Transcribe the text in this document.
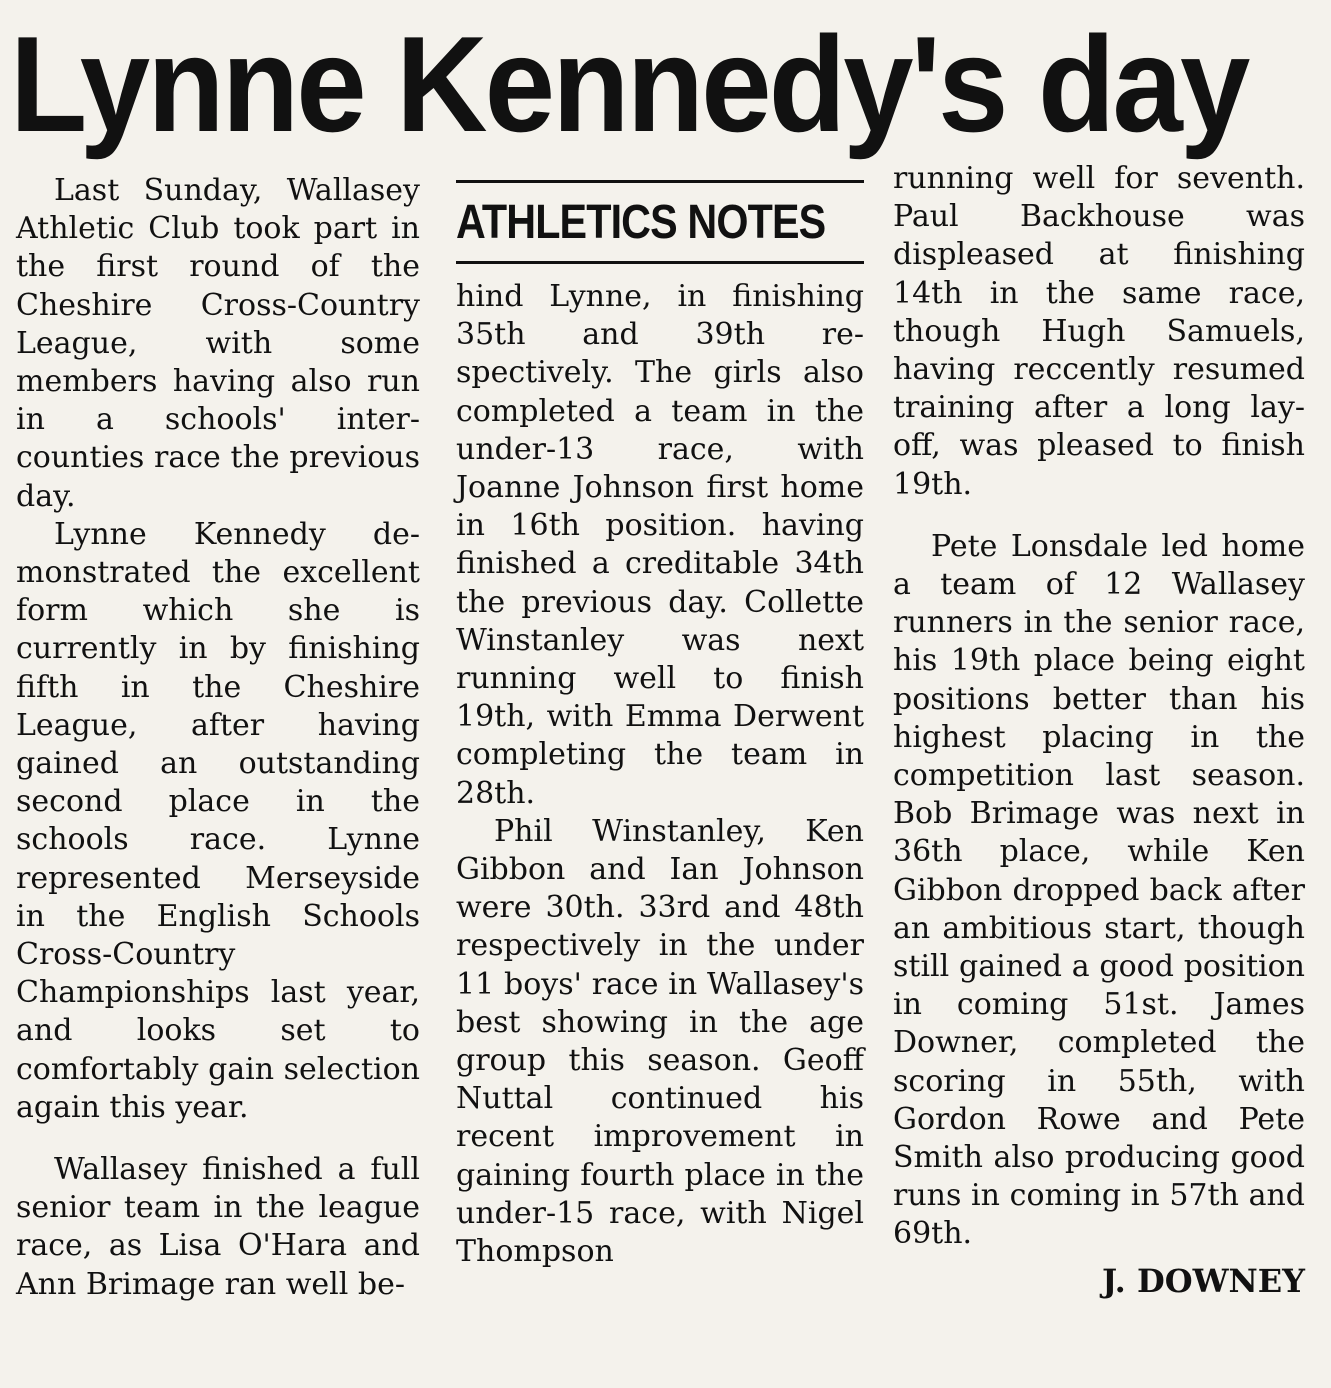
Lynne Kennedy's day

Last Sunday, Wallasey Athletic Club took part in the first round of the Cheshire Cross-Country League, with some members having also run in a schools' inter-counties race the previous day.

Lynne Kennedy demonstrated the excellent form which she is currently in by finishing fifth in the Cheshire League, after having gained an outstanding second place in the schools race. Lynne represented Merseyside in the English Schools Cross-Country Championships last year, and looks set to comfortably gain selection again this year.

Wallasey finished a full senior team in the league race, as Lisa O'Hara and Ann Brimage ran well be-

ATHLETICS NOTES

hind Lynne, in finishing 35th and 39th respectively. The girls also completed a team in the under-13 race, with Joanne Johnson first home in 16th position. having finished a creditable 34th the previous day. Collette Winstanley was next running well to finish 19th, with Emma Derwent completing the team in 28th.

Phil Winstanley, Ken Gibbon and Ian Johnson were 30th. 33rd and 48th respectively in the under 11 boys' race in Wallasey's best showing in the age group this season. Geoff Nuttal continued his recent improvement in gaining fourth place in the under-15 race, with Nigel Thompson

running well for seventh. Paul Backhouse was displeased at finishing 14th in the same race, though Hugh Samuels, having reccently resumed training after a long lay-off, was pleased to finish 19th.

Pete Lonsdale led home a team of 12 Wallasey runners in the senior race, his 19th place being eight positions better than his highest placing in the competition last season. Bob Brimage was next in 36th place, while Ken Gibbon dropped back after an ambitious start, though still gained a good position in coming 51st. James Downer, completed the scoring in 55th, with Gordon Rowe and Pete Smith also producing good runs in coming in 57th and 69th.

J. DOWNEY
